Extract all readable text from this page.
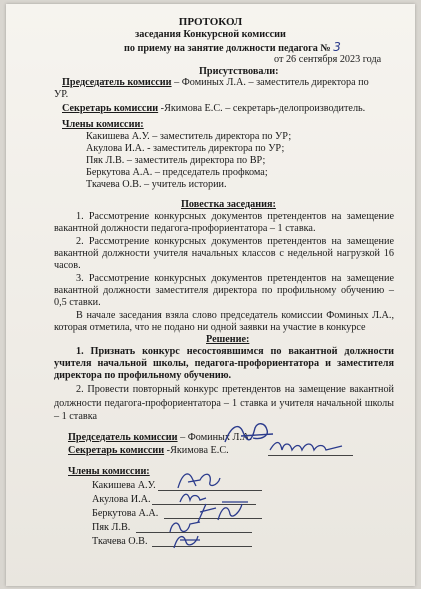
ПРОТОКОЛ
заседания Конкурсной комиссии
по приему на занятие должности педагога № 3
от 26 сентября 2023 года
Присутствовали:
Председатель комиссии – Фоминых Л.А. – заместитель директора по
УР.
Секретарь комиссии -Якимова Е.С. – секретарь-делопроизводитель.
Члены комиссии:
Какишева А.У. – заместитель директора по УР;
Акулова И.А. - заместитель директора по УР;
Пяк Л.В. – заместитель директора по ВР;
Беркутова А.А. – председатель профкома;
Ткачева О.В. – учитель истории.
Повестка заседания:
1. Рассмотрение конкурсных документов претендентов на замещение вакантной должности педагога-профориентатора – 1 ставка.
2. Рассмотрение конкурсных документов претендентов на замещение вакантной должности учителя начальных классов с недельной нагрузкой 16 часов.
3. Рассмотрение конкурсных документов претендентов на замещение вакантной должности заместителя директора по профильному обучению – 0,5 ставки.
В начале заседания взяла слово председатель комиссии Фоминых Л.А., которая отметила, что не подано ни одной заявки на участие в конкурсе
Решение:
1. Признать конкурс несостоявшимся по вакантной должности учителя начальной школы, педагога-профориентатора и заместителя директора по профильному обучению.
2. Провести повторный конкурс претендентов на замещение вакантной должности педагога-профориентатора – 1 ставка и учителя начальной школы – 1 ставка
Председатель комиссии – Фоминых Л.А.
Секретарь комиссии -Якимова Е.С.
Члены комиссии:
Какишева А.У.
Акулова И.А.
Беркутова А.А.
Пяк Л.В.
Ткачева О.В.
